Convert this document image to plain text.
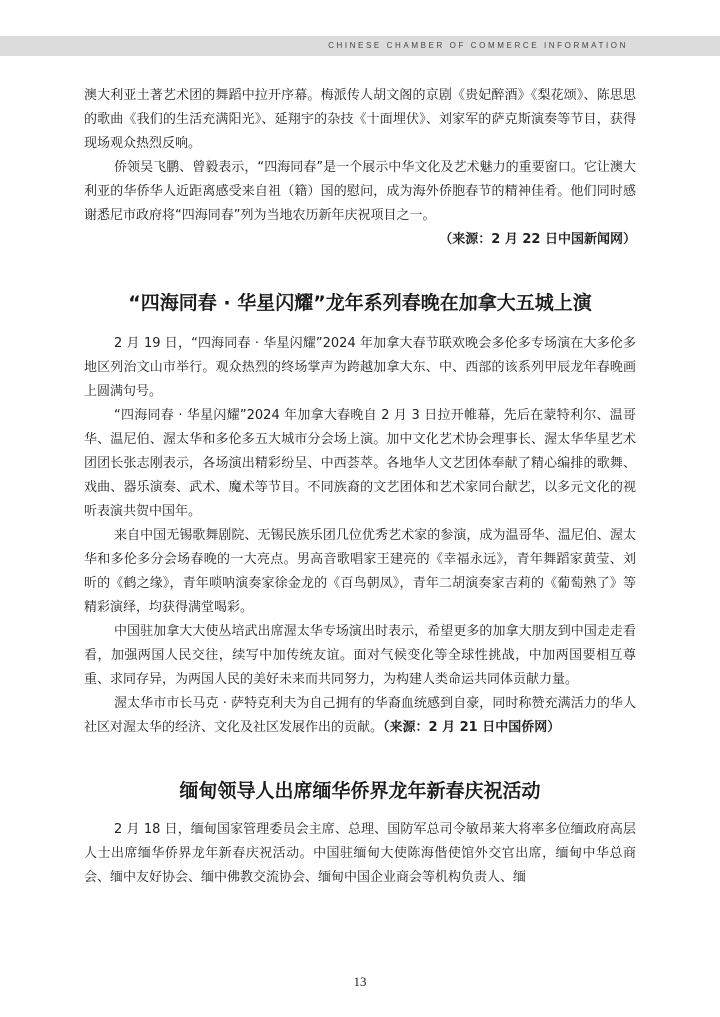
CHINESE CHAMBER OF COMMERCE INFORMATION

澳大利亚土著艺术团的舞蹈中拉开序幕。梅派传人胡文阁的京剧《贵妃醉酒》《梨花颂》、陈思思的歌曲《我们的生活充满阳光》、延翔宇的杂技《十面埋伏》、刘家军的萨克斯演奏等节目，获得现场观众热烈反响。

侨领吴飞鹏、曾毅表示，“四海同春”是一个展示中华文化及艺术魅力的重要窗口。它让澳大利亚的华侨华人近距离感受来自祖（籍）国的慰问，成为海外侨胞春节的精神佳肴。他们同时感谢悉尼市政府将“四海同春”列为当地农历新年庆祝项目之一。

（来源：2 月 22 日中国新闻网）

“四海同春 · 华星闪耀”龙年系列春晚在加拿大五城上演

2 月 19 日，“四海同春 · 华星闪耀”2024 年加拿大春节联欢晚会多伦多专场演在大多伦多地区列治文山市举行。观众热烈的终场掌声为跨越加拿大东、中、西部的该系列甲辰龙年春晚画上圆满句号。

“四海同春 · 华星闪耀”2024 年加拿大春晚自 2 月 3 日拉开帷幕，先后在蒙特利尔、温哥华、温尼伯、渥太华和多伦多五大城市分会场上演。加中文化艺术协会理事长、渥太华华星艺术团团长张志刚表示，各场演出精彩纷呈、中西荟萃。各地华人文艺团体奉献了精心编排的歌舞、戏曲、器乐演奏、武术、魔术等节目。不同族裔的文艺团体和艺术家同台献艺，以多元文化的视听表演共贺中国年。

来自中国无锡歌舞剧院、无锡民族乐团几位优秀艺术家的参演，成为温哥华、温尼伯、渥太华和多伦多分会场春晚的一大亮点。男高音歌唱家王建亮的《幸福永远》，青年舞蹈家黄莹、刘昕的《鹤之缘》，青年唢呐演奏家徐金龙的《百鸟朝凤》，青年二胡演奏家吉莉的《葡萄熟了》等精彩演绎，均获得满堂喝彩。

中国驻加拿大大使丛培武出席渥太华专场演出时表示，希望更多的加拿大朋友到中国走走看看，加强两国人民交往，续写中加传统友谊。面对气候变化等全球性挑战，中加两国要相互尊重、求同存异，为两国人民的美好未来而共同努力，为构建人类命运共同体贡献力量。

渥太华市市长马克 · 萨特克利夫为自己拥有的华裔血统感到自豪，同时称赞充满活力的华人社区对渥太华的经济、文化及社区发展作出的贡献。（来源：2 月 21 日中国侨网）

缅甸领导人出席缅华侨界龙年新春庆祝活动

2 月 18 日，缅甸国家管理委员会主席、总理、国防军总司令敏昂莱大将率多位缅政府高层人士出席缅华侨界龙年新春庆祝活动。中国驻缅甸大使陈海偕使馆外交官出席，缅甸中华总商会、缅中友好协会、缅中佛教交流协会、缅甸中国企业商会等机构负责人、缅

13
